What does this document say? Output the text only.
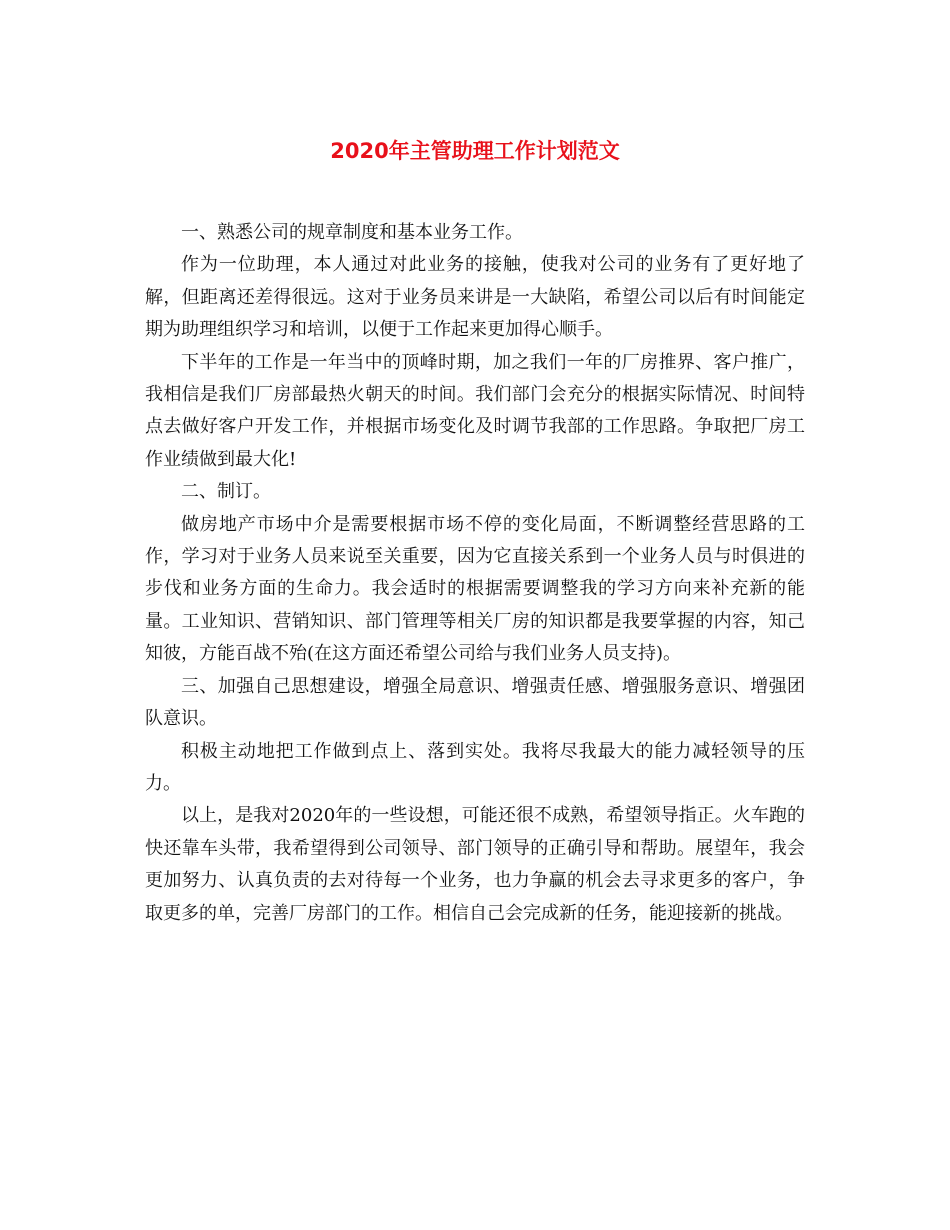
2020年主管助理工作计划范文

一、熟悉公司的规章制度和基本业务工作。

作为一位助理，本人通过对此业务的接触，使我对公司的业务有了更好地了解，但距离还差得很远。这对于业务员来讲是一大缺陷，希望公司以后有时间能定期为助理组织学习和培训，以便于工作起来更加得心顺手。

下半年的工作是一年当中的顶峰时期，加之我们一年的厂房推界、客户推广，我相信是我们厂房部最热火朝天的时间。我们部门会充分的根据实际情况、时间特点去做好客户开发工作，并根据市场变化及时调节我部的工作思路。争取把厂房工作业绩做到最大化!

二、制订。

做房地产市场中介是需要根据市场不停的变化局面，不断调整经营思路的工作，学习对于业务人员来说至关重要，因为它直接关系到一个业务人员与时俱进的步伐和业务方面的生命力。我会适时的根据需要调整我的学习方向来补充新的能量。工业知识、营销知识、部门管理等相关厂房的知识都是我要掌握的内容，知己知彼，方能百战不殆(在这方面还希望公司给与我们业务人员支持)。

三、加强自己思想建设，增强全局意识、增强责任感、增强服务意识、增强团队意识。

积极主动地把工作做到点上、落到实处。我将尽我最大的能力减轻领导的压力。

以上，是我对2020年的一些设想，可能还很不成熟，希望领导指正。火车跑的快还靠车头带，我希望得到公司领导、部门领导的正确引导和帮助。展望年，我会更加努力、认真负责的去对待每一个业务，也力争赢的机会去寻求更多的客户，争取更多的单，完善厂房部门的工作。相信自己会完成新的任务，能迎接新的挑战。
